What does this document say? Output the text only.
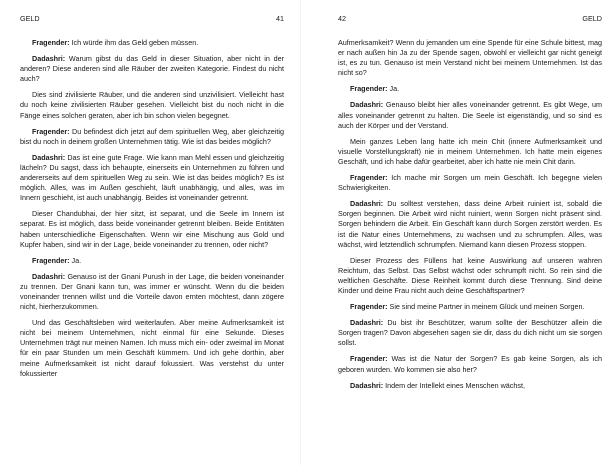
GELD	41

Fragender: Ich würde ihm das Geld geben müssen.

Dadashri: Warum gibst du das Geld in dieser Situation, aber nicht in der anderen? Diese anderen sind alle Räuber der zweiten Kategorie. Findest du nicht auch?

Dies sind zivilisierte Räuber, und die anderen sind unzivilisiert. Vielleicht hast du noch keine zivilisierten Räuber gesehen. Vielleicht bist du noch nicht in die Fänge eines solchen geraten, aber ich bin schon vielen begegnet.

Fragender: Du befindest dich jetzt auf dem spirituellen Weg, aber gleichzeitig bist du noch in deinem großen Unternehmen tätig. Wie ist das beides möglich?

Dadashri: Das ist eine gute Frage. Wie kann man Mehl essen und gleichzeitig lächeln? Du sagst, dass ich behaupte, einerseits ein Unternehmen zu führen und andererseits auf dem spirituellen Weg zu sein. Wie ist das beides möglich? Es ist möglich. Alles, was im Außen geschieht, läuft unabhängig, und alles, was im Innern geschieht, ist auch unabhängig. Beides ist voneinander getrennt.

Dieser Chandubhai, der hier sitzt, ist separat, und die Seele im Innern ist separat. Es ist möglich, dass beide voneinander getrennt bleiben. Beide Entitäten haben unterschiedliche Eigenschaften. Wenn wir eine Mischung aus Gold und Kupfer haben, sind wir in der Lage, beide voneinander zu trennen, oder nicht?

Fragender: Ja.

Dadashri: Genauso ist der Gnani Purush in der Lage, die beiden voneinander zu trennen. Der Gnani kann tun, was immer er wünscht. Wenn du die beiden voneinander trennen willst und die Vorteile davon ernten möchtest, dann zögere nicht, hierherzukommen.

Und das Geschäftsleben wird weiterlaufen. Aber meine Aufmerksamkeit ist nicht bei meinem Unternehmen, nicht einmal für eine Sekunde. Dieses Unternehmen trägt nur meinen Namen. Ich muss mich ein- oder zweimal im Monat für ein paar Stunden um mein Geschäft kümmern. Und ich gehe dorthin, aber meine Aufmerksamkeit ist nicht darauf fokussiert. Was verstehst du unter fokussierter

42	GELD

Aufmerksamkeit? Wenn du jemanden um eine Spende für eine Schule bittest, mag er nach außen hin Ja zu der Spende sagen, obwohl er vielleicht gar nicht geneigt ist, es zu tun. Genauso ist mein Verstand nicht bei meinem Unternehmen. Ist das nicht so?

Fragender: Ja.

Dadashri: Genauso bleibt hier alles voneinander getrennt. Es gibt Wege, um alles voneinander getrennt zu halten. Die Seele ist eigenständig, und so sind es auch der Körper und der Verstand.

Mein ganzes Leben lang hatte ich mein Chit (innere Aufmerksamkeit und visuelle Vorstellungskraft) nie in meinem Unternehmen. Ich hatte mein eigenes Geschäft, und ich habe dafür gearbeitet, aber ich hatte nie mein Chit darin.

Fragender: Ich mache mir Sorgen um mein Geschäft. Ich begegne vielen Schwierigkeiten.

Dadashri: Du solltest verstehen, dass deine Arbeit ruiniert ist, sobald die Sorgen beginnen. Die Arbeit wird nicht ruiniert, wenn Sorgen nicht präsent sind. Sorgen behindern die Arbeit. Ein Geschäft kann durch Sorgen zerstört werden. Es ist die Natur eines Unternehmens, zu wachsen und zu schrumpfen. Alles, was wächst, wird letztendlich schrumpfen. Niemand kann diesen Prozess stoppen.

Dieser Prozess des Füllens hat keine Auswirkung auf unseren wahren Reichtum, das Selbst. Das Selbst wächst oder schrumpft nicht. So rein sind die weltlichen Geschäfte. Diese Reinheit kommt durch diese Trennung. Sind deine Kinder und deine Frau nicht auch deine Geschäftspartner?

Fragender: Sie sind meine Partner in meinem Glück und meinen Sorgen.

Dadashri: Du bist ihr Beschützer, warum sollte der Beschützer allein die Sorgen tragen? Davon abgesehen sagen sie dir, dass du dich nicht um sie sorgen sollst.

Fragender: Was ist die Natur der Sorgen? Es gab keine Sorgen, als ich geboren wurden. Wo kommen sie also her?

Dadashri: Indem der Intellekt eines Menschen wächst,
